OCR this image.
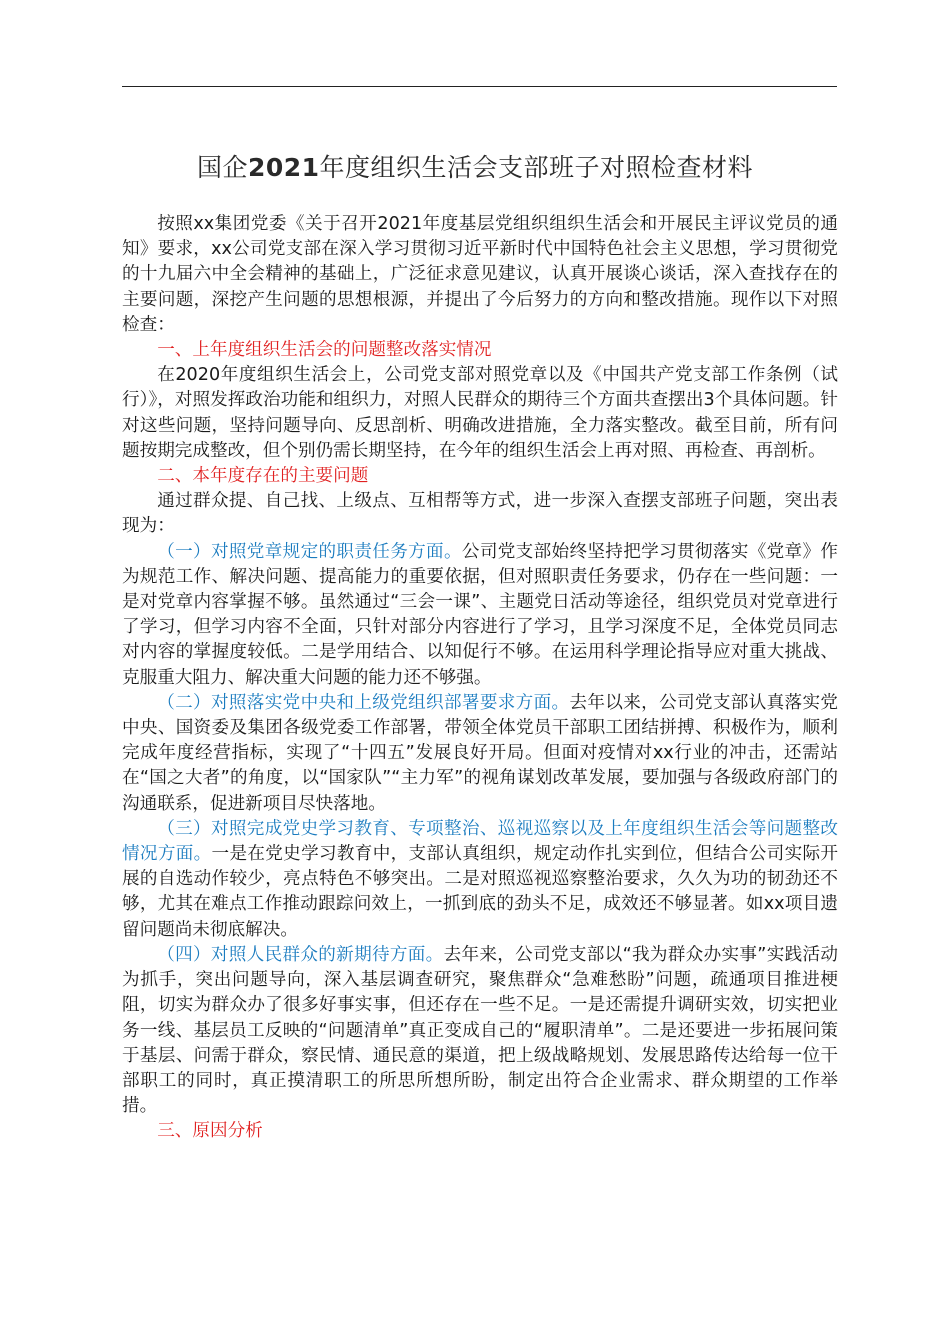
国企2021年度组织生活会支部班子对照检查材料

按照xx集团党委《关于召开2021年度基层党组织组织生活会和开展民主评议党员的通知》要求，xx公司党支部在深入学习贯彻习近平新时代中国特色社会主义思想，学习贯彻党的十九届六中全会精神的基础上，广泛征求意见建议，认真开展谈心谈话，深入查找存在的主要问题，深挖产生问题的思想根源，并提出了今后努力的方向和整改措施。现作以下对照检查：

一、上年度组织生活会的问题整改落实情况

在2020年度组织生活会上，公司党支部对照党章以及《中国共产党支部工作条例（试行）》，对照发挥政治功能和组织力，对照人民群众的期待三个方面共查摆出3个具体问题。针对这些问题，坚持问题导向、反思剖析、明确改进措施，全力落实整改。截至目前，所有问题按期完成整改，但个别仍需长期坚持，在今年的组织生活会上再对照、再检查、再剖析。

二、本年度存在的主要问题

通过群众提、自己找、上级点、互相帮等方式，进一步深入查摆支部班子问题，突出表现为：

（一）对照党章规定的职责任务方面。公司党支部始终坚持把学习贯彻落实《党章》作为规范工作、解决问题、提高能力的重要依据，但对照职责任务要求，仍存在一些问题：一是对党章内容掌握不够。虽然通过“三会一课”、主题党日活动等途径，组织党员对党章进行了学习，但学习内容不全面，只针对部分内容进行了学习，且学习深度不足，全体党员同志对内容的掌握度较低。二是学用结合、以知促行不够。在运用科学理论指导应对重大挑战、克服重大阻力、解决重大问题的能力还不够强。

（二）对照落实党中央和上级党组织部署要求方面。去年以来，公司党支部认真落实党中央、国资委及集团各级党委工作部署，带领全体党员干部职工团结拼搏、积极作为，顺利完成年度经营指标，实现了“十四五”发展良好开局。但面对疫情对xx行业的冲击，还需站在“国之大者”的角度，以“国家队”“主力军”的视角谋划改革发展，要加强与各级政府部门的沟通联系，促进新项目尽快落地。

（三）对照完成党史学习教育、专项整治、巡视巡察以及上年度组织生活会等问题整改情况方面。一是在党史学习教育中，支部认真组织，规定动作扎实到位，但结合公司实际开展的自选动作较少，亮点特色不够突出。二是对照巡视巡察整治要求，久久为功的韧劲还不够，尤其在难点工作推动跟踪问效上，一抓到底的劲头不足，成效还不够显著。如xx项目遗留问题尚未彻底解决。

（四）对照人民群众的新期待方面。去年来，公司党支部以“我为群众办实事”实践活动为抓手，突出问题导向，深入基层调查研究，聚焦群众“急难愁盼”问题，疏通项目推进梗阻，切实为群众办了很多好事实事，但还存在一些不足。一是还需提升调研实效，切实把业务一线、基层员工反映的“问题清单”真正变成自己的“履职清单”。二是还要进一步拓展问策于基层、问需于群众，察民情、通民意的渠道，把上级战略规划、发展思路传达给每一位干部职工的同时，真正摸清职工的所思所想所盼，制定出符合企业需求、群众期望的工作举措。

三、原因分析
